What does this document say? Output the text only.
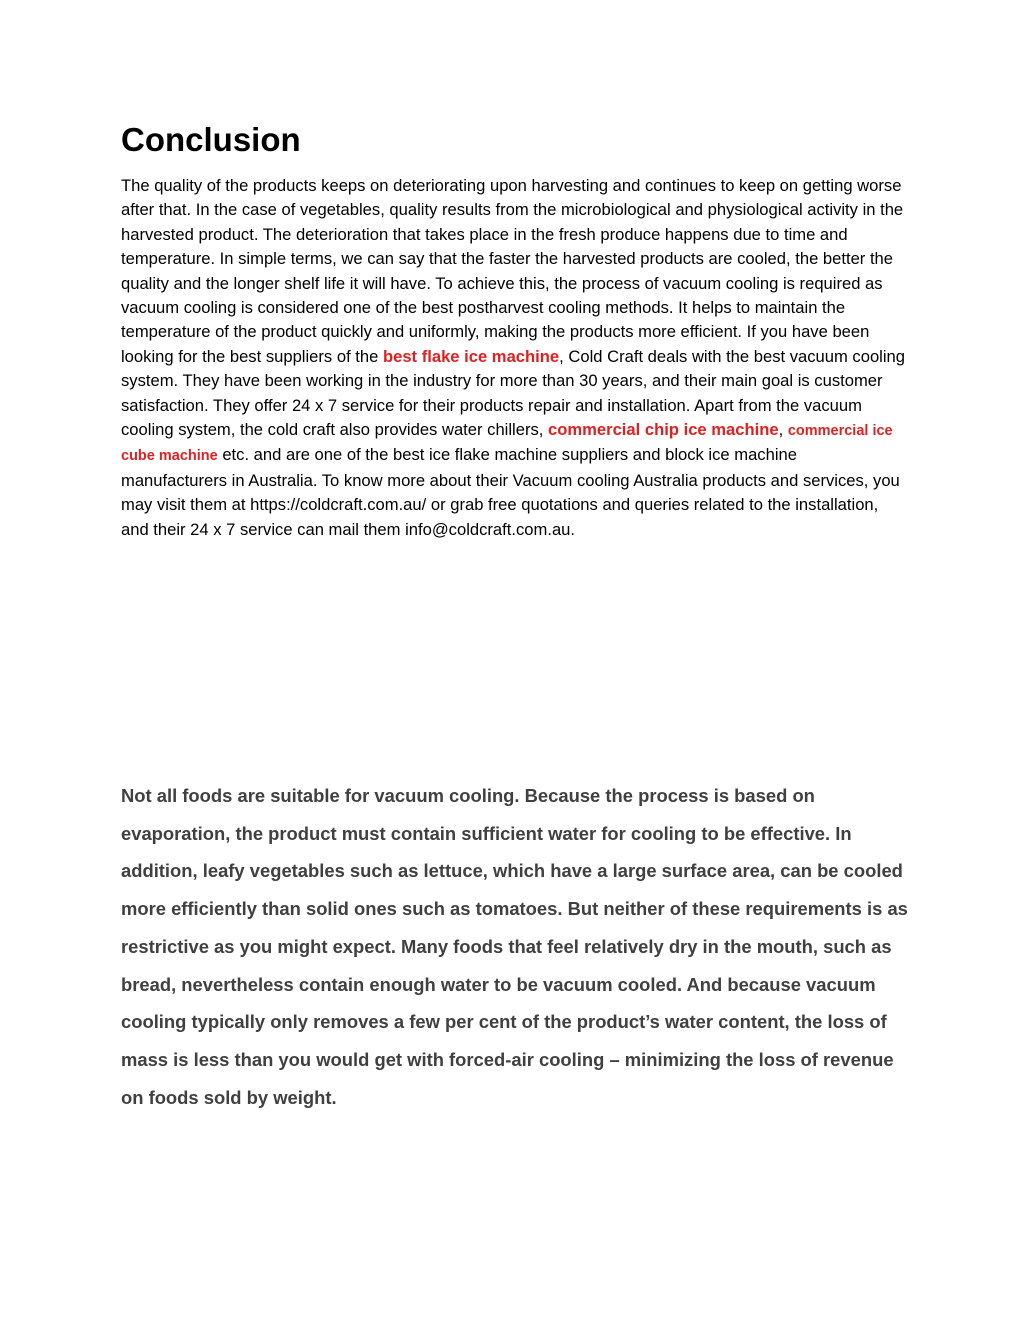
Conclusion

The quality of the products keeps on deteriorating upon harvesting and continues to keep on getting worse after that. In the case of vegetables, quality results from the microbiological and physiological activity in the harvested product. The deterioration that takes place in the fresh produce happens due to time and temperature. In simple terms, we can say that the faster the harvested products are cooled, the better the quality and the longer shelf life it will have. To achieve this, the process of vacuum cooling is required as vacuum cooling is considered one of the best postharvest cooling methods. It helps to maintain the temperature of the product quickly and uniformly, making the products more efficient. If you have been looking for the best suppliers of the best flake ice machine, Cold Craft deals with the best vacuum cooling system. They have been working in the industry for more than 30 years, and their main goal is customer satisfaction. They offer 24 x 7 service for their products repair and installation. Apart from the vacuum cooling system, the cold craft also provides water chillers, commercial chip ice machine, commercial ice cube machine etc. and are one of the best ice flake machine suppliers and block ice machine manufacturers in Australia. To know more about their Vacuum cooling Australia products and services, you may visit them at https://coldcraft.com.au/ or grab free quotations and queries related to the installation, and their 24 x 7 service can mail them info@coldcraft.com.au.

Not all foods are suitable for vacuum cooling. Because the process is based on evaporation, the product must contain sufficient water for cooling to be effective. In addition, leafy vegetables such as lettuce, which have a large surface area, can be cooled more efficiently than solid ones such as tomatoes. But neither of these requirements is as restrictive as you might expect. Many foods that feel relatively dry in the mouth, such as bread, nevertheless contain enough water to be vacuum cooled. And because vacuum cooling typically only removes a few per cent of the product’s water content, the loss of mass is less than you would get with forced-air cooling – minimizing the loss of revenue on foods sold by weight.
